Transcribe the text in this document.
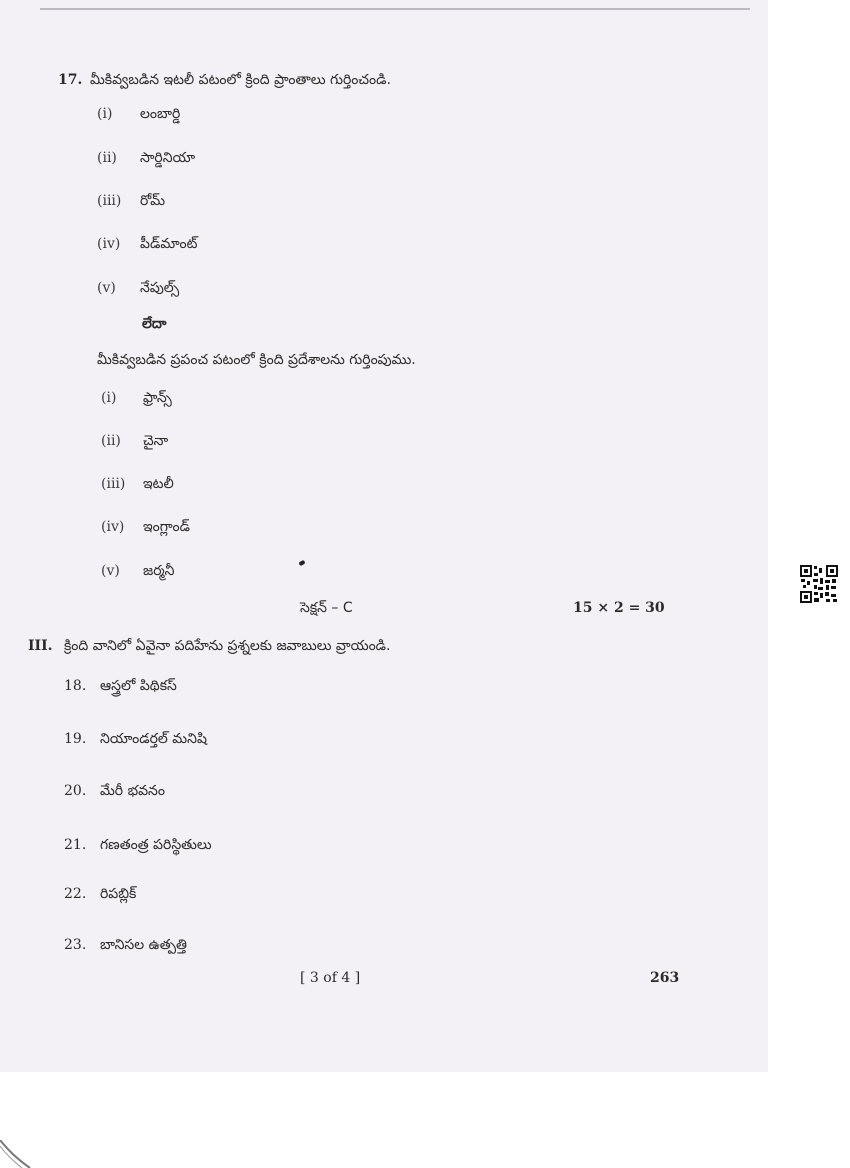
17. మీకివ్వబడిన ఇటలీ పటంలో క్రింది ప్రాంతాలు గుర్తించండి.
(i) లంబార్డి
(ii) సార్డినియా
(iii) రోమ్
(iv) పీడ్‌మాంట్
(v) నేపుల్స్
లేదా
మీకివ్వబడిన ప్రపంచ పటంలో క్రింది ప్రదేశాలను గుర్తింపుము.
(i) ఫ్రాన్స్
(ii) చైనా
(iii) ఇటలీ
(iv) ఇంగ్లాండ్
(v) జర్మనీ
సెక్షన్ – C	15 × 2 = 30
III. క్రింది వానిలో ఏవైనా పదిహేను ప్రశ్నలకు జవాబులు వ్రాయండి.
18. ఆస్త్రలో పిథికస్
19. నియాండర్తల్ మనిషి
20. మేరీ భవనం
21. గణతంత్ర పరిస్థితులు
22. రిపబ్లిక్
23. బానిసల ఉత్పత్తి
[ 3 of 4 ]	263
